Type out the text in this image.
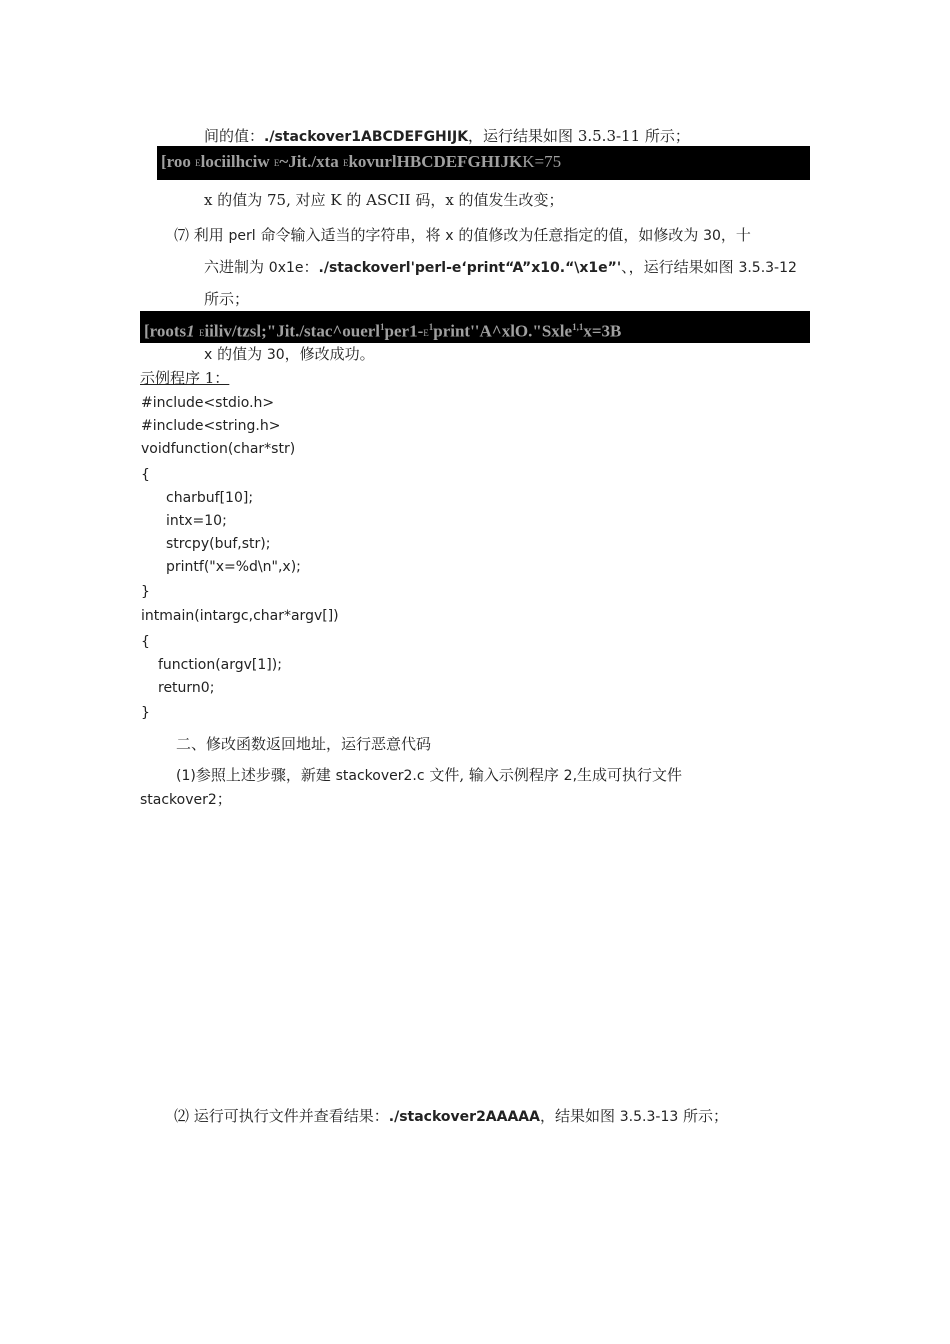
间的值：./stackover1ABCDEFGHIJK，运行结果如图 3.5.3-11 所示；
[roo Elociilhciw E~Jit./xta EkovurlHBCDEFGHIJKK=75
x 的值为 75, 对应 K 的 ASCII 码，x 的值发生改变；
⑺ 利用 perl 命令输入适当的字符串，将 x 的值修改为任意指定的值，如修改为 30，十
六进制为 0x1e：./stackoverl'perl-e‘print“A”x10.“\x1e”'、，运行结果如图 3.5.3-12
所示；
[roots1 Eiiliv/$tzsl;"Jit./stac\^{}ouerl^1per1-E^1print''A\^{}xlO."Sxle^{1,1}x=3B$
x 的值为 30，修改成功。
示例程序 1：
#include<stdio.h>
#include<string.h>
voidfunction(char*str)
{
charbuf[10];
intx=10;
strcpy(buf,str);
printf("x=%d\n",x);
}
intmain(intargc,char*argv[])
{
function(argv[1]);
return0;
}
二、修改函数返回地址，运行恶意代码
(1)参照上述步骤，新建 stackover2.c 文件, 输入示例程序 2,生成可执行文件
stackover2；
⑵ 运行可执行文件并查看结果：./stackover2AAAAA，结果如图 3.5.3-13 所示；
